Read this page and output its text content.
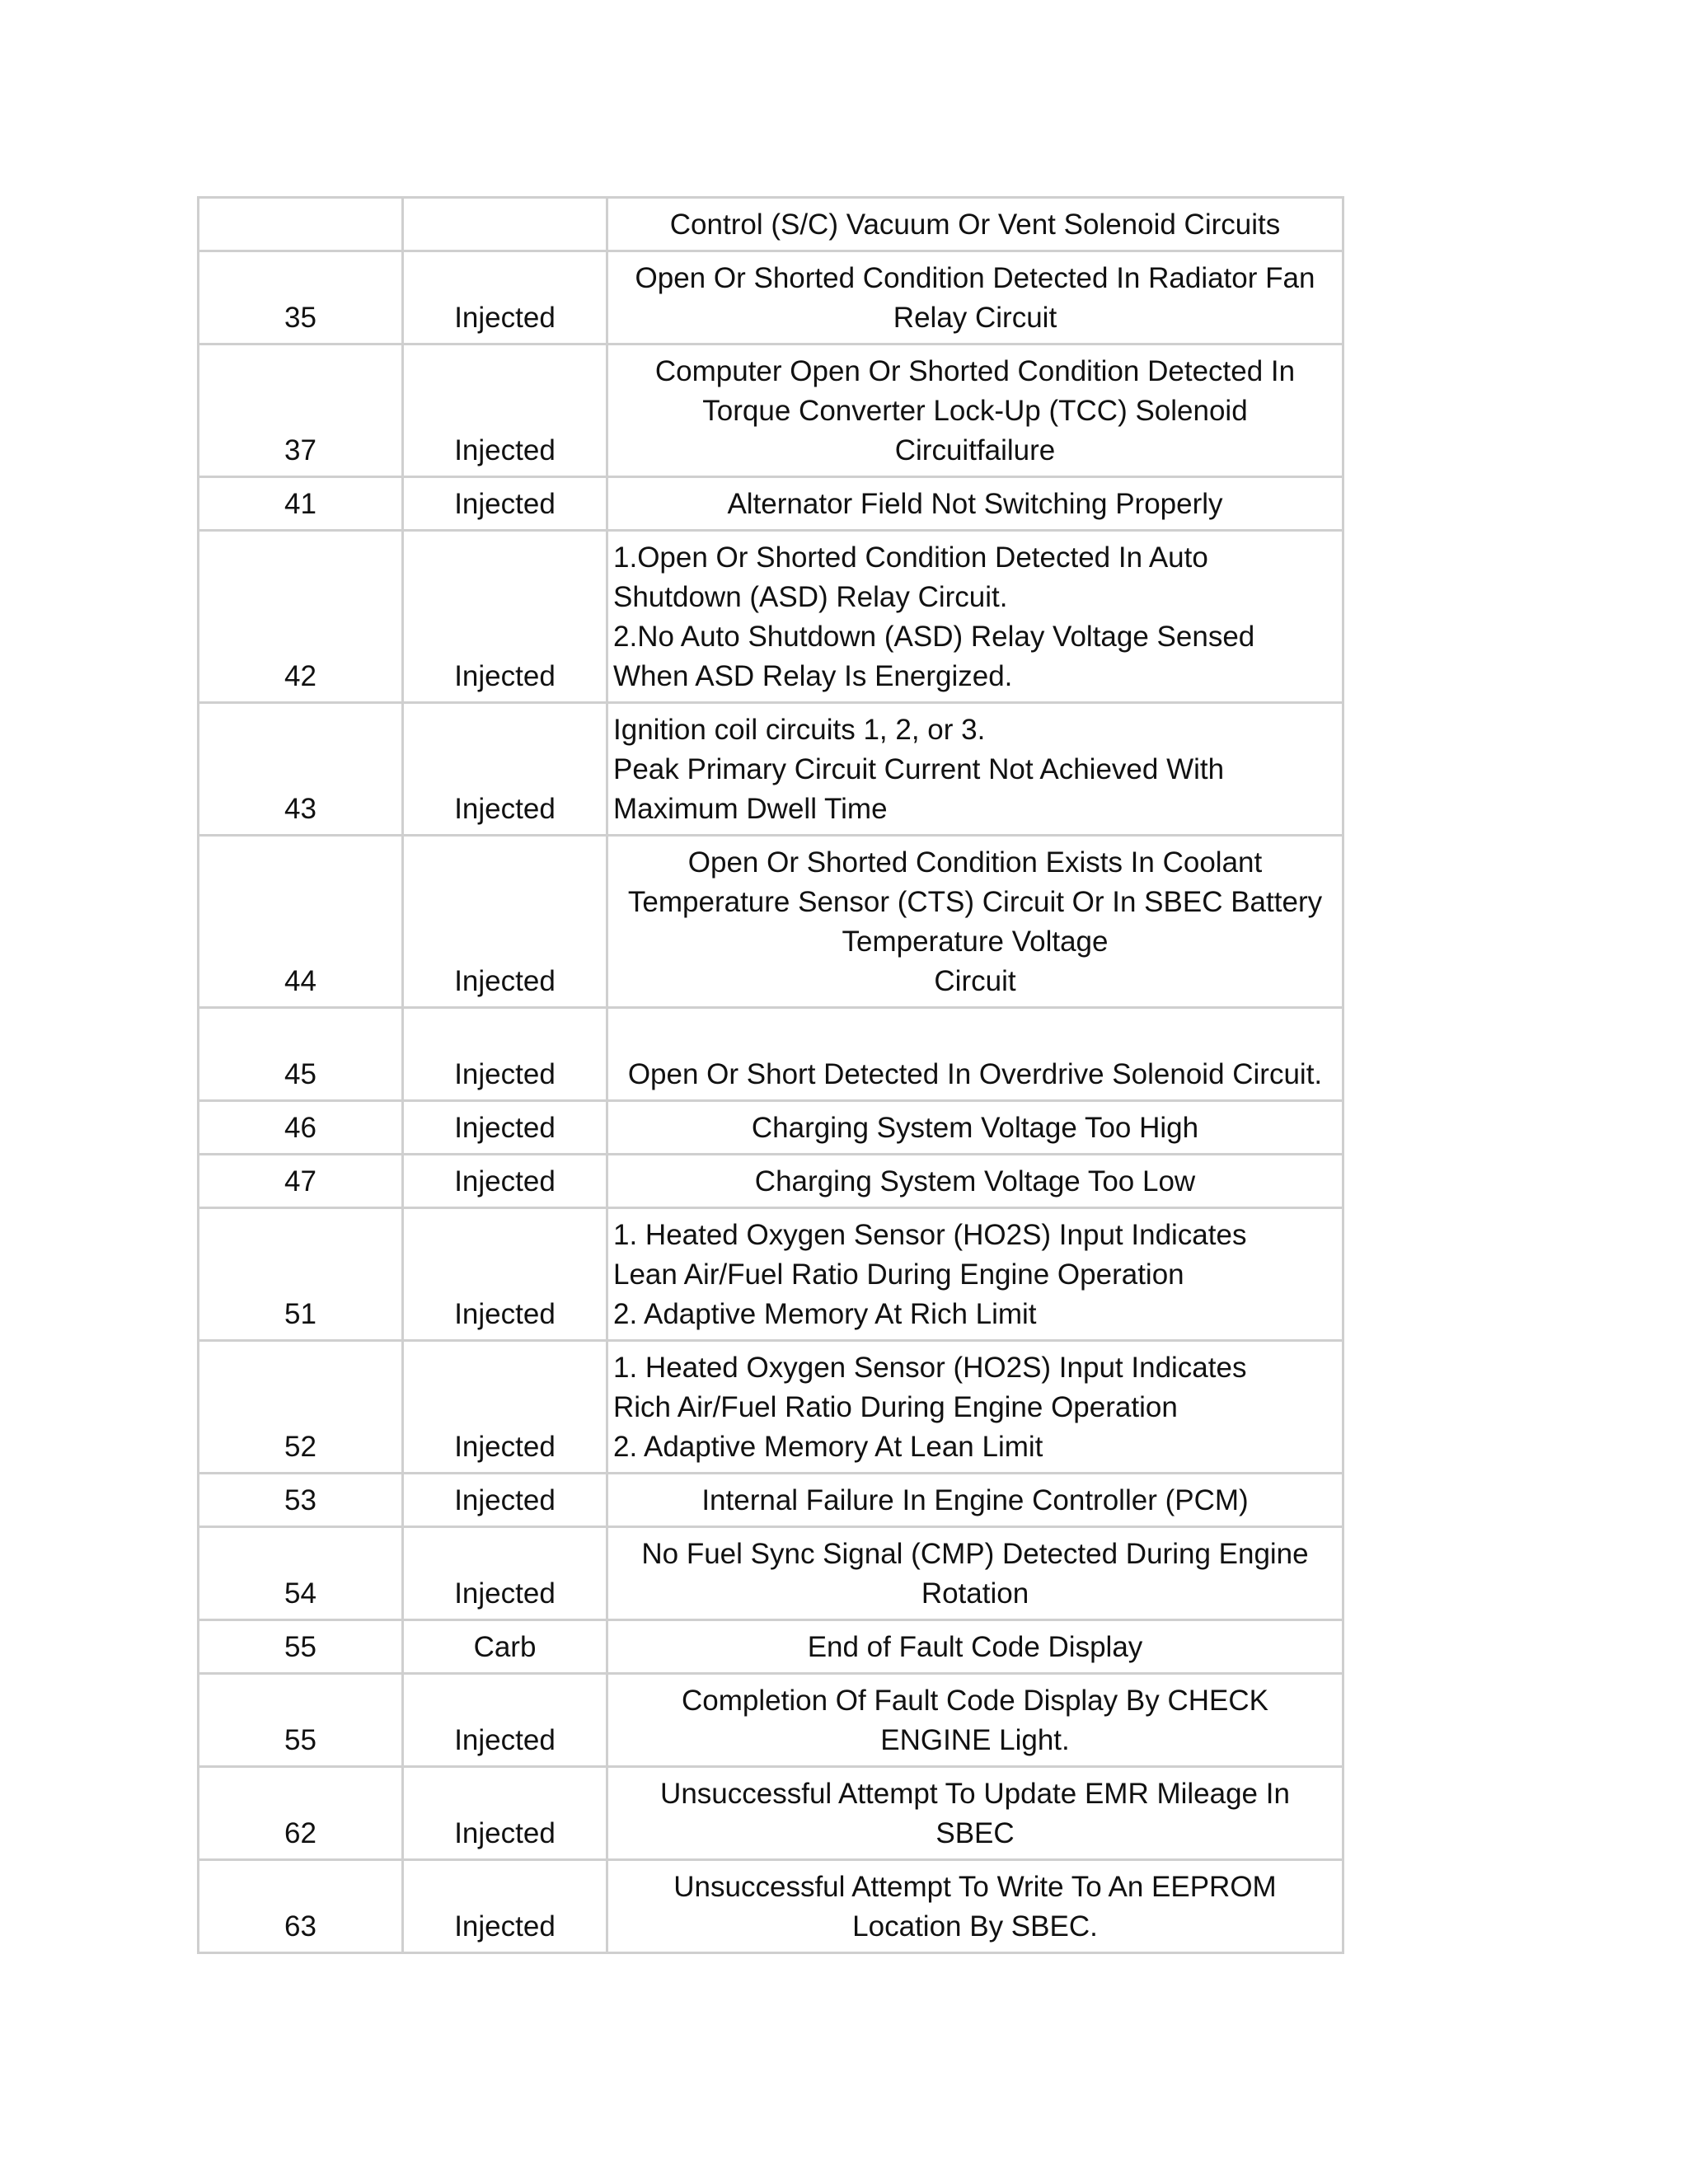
		Control (S/C) Vacuum Or Vent Solenoid Circuits

35	Injected	Open Or Shorted Condition Detected In Radiator Fan
Relay Circuit

37	Injected	Computer Open Or Shorted Condition Detected In
Torque Converter Lock-Up (TCC) Solenoid
Circuitfailure

41	Injected	Alternator Field Not Switching Properly

42	Injected	1.Open Or Shorted Condition Detected In Auto
Shutdown (ASD) Relay Circuit.
2.No Auto Shutdown (ASD) Relay Voltage Sensed
When ASD Relay Is Energized.

43	Injected	Ignition coil circuits 1, 2, or 3.
Peak Primary Circuit Current Not Achieved With
Maximum Dwell Time

44	Injected	Open Or Shorted Condition Exists In Coolant
Temperature Sensor (CTS) Circuit Or In SBEC Battery
Temperature Voltage
Circuit

45	Injected	Open Or Short Detected In Overdrive Solenoid Circuit.

46	Injected	Charging System Voltage Too High

47	Injected	Charging System Voltage Too Low

51	Injected	1. Heated Oxygen Sensor (HO2S) Input Indicates
Lean Air/Fuel Ratio During Engine Operation
2. Adaptive Memory At Rich Limit

52	Injected	1. Heated Oxygen Sensor (HO2S) Input Indicates
Rich Air/Fuel Ratio During Engine Operation
2. Adaptive Memory At Lean Limit

53	Injected	Internal Failure In Engine Controller (PCM)

54	Injected	No Fuel Sync Signal (CMP) Detected During Engine
Rotation

55	Carb	End of Fault Code Display

55	Injected	Completion Of Fault Code Display By CHECK
ENGINE Light.

62	Injected	Unsuccessful Attempt To Update EMR Mileage In
SBEC

63	Injected	Unsuccessful Attempt To Write To An EEPROM
Location By SBEC.
